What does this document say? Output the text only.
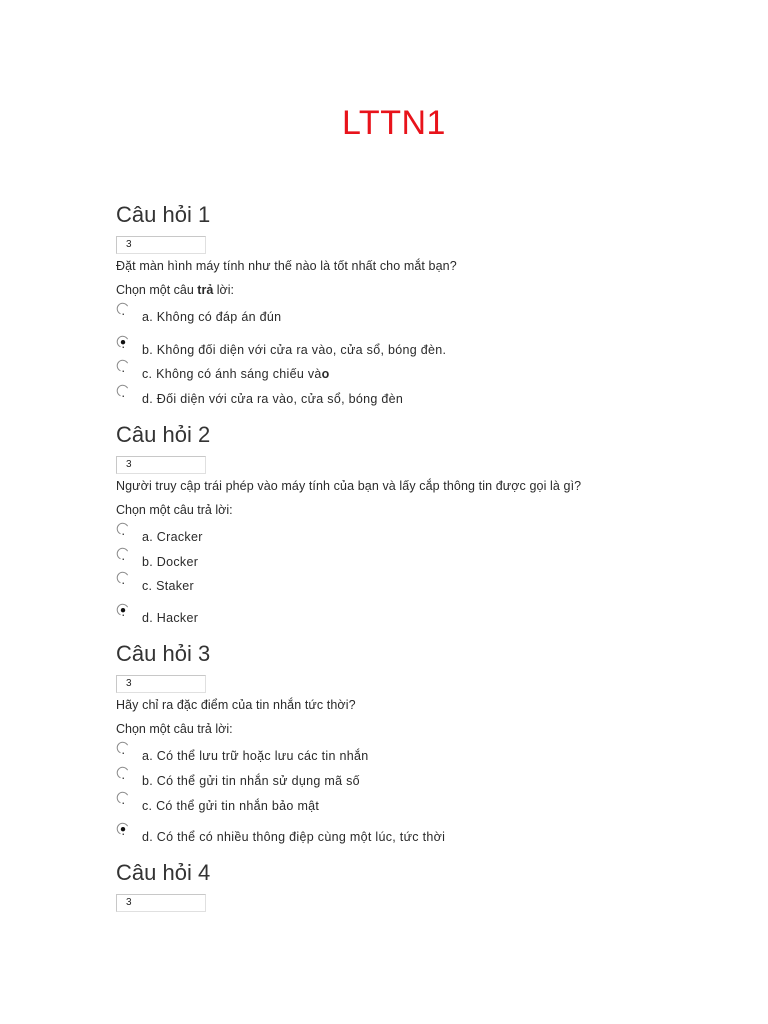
LTTN1
Câu hỏi 1
3
Đặt màn hình máy tính như thế nào là tốt nhất cho mắt bạn?
Chọn một câu trả lời:
a. Không có đáp án đún
b. Không đối diện với cửa ra vào, cửa sổ, bóng đèn.
c. Không có ánh sáng chiếu vào
d. Đối diện với cửa ra vào, cửa sổ, bóng đèn
Câu hỏi 2
3
Người truy cập trái phép vào máy tính của bạn và lấy cắp thông tin được gọi là gì?
Chọn một câu trả lời:
a. Cracker
b. Docker
c. Staker
d. Hacker
Câu hỏi 3
3
Hãy chỉ ra đặc điểm của tin nhắn tức thời?
Chọn một câu trả lời:
a. Có thể lưu trữ hoặc lưu các tin nhắn
b. Có thể gửi tin nhắn sử dụng mã số
c. Có thể gửi tin nhắn bảo mật
d. Có thể có nhiều thông điệp cùng một lúc, tức thời
Câu hỏi 4
3
